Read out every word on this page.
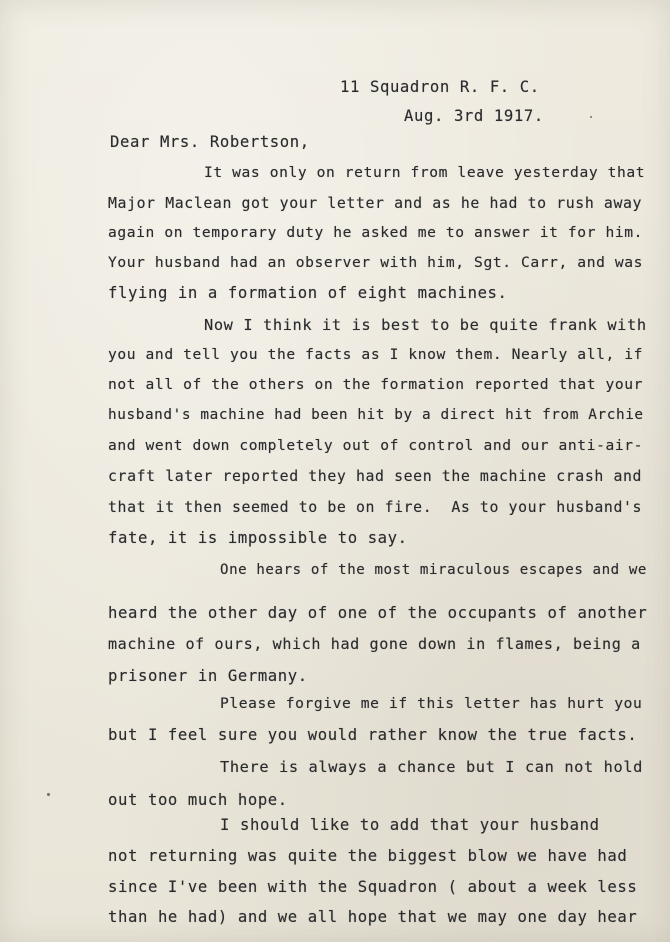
11 Squadron R. F. C.
Aug. 3rd 1917.
Dear Mrs. Robertson,
It was only on return from leave yesterday that
Major Maclean got your letter and as he had to rush away
again on temporary duty he asked me to answer it for him.
Your husband had an observer with him, Sgt. Carr, and was
flying in a formation of eight machines.
Now I think it is best to be quite frank with
you and tell you the facts as I know them. Nearly all, if
not all of the others on the formation reported that your
husband's machine had been hit by a direct hit from Archie
and went down completely out of control and our anti-air-
craft later reported they had seen the machine crash and
that it then seemed to be on fire.  As to your husband's
fate, it is impossible to say.
One hears of the most miraculous escapes and we
heard the other day of one of the occupants of another
machine of ours, which had gone down in flames, being a
prisoner in Germany.
Please forgive me if this letter has hurt you
but I feel sure you would rather know the true facts.
There is always a chance but I can not hold
out too much hope.
I should like to add that your husband
not returning was quite the biggest blow we have had
since I've been with the Squadron ( about a week less
than he had) and we all hope that we may one day hear
